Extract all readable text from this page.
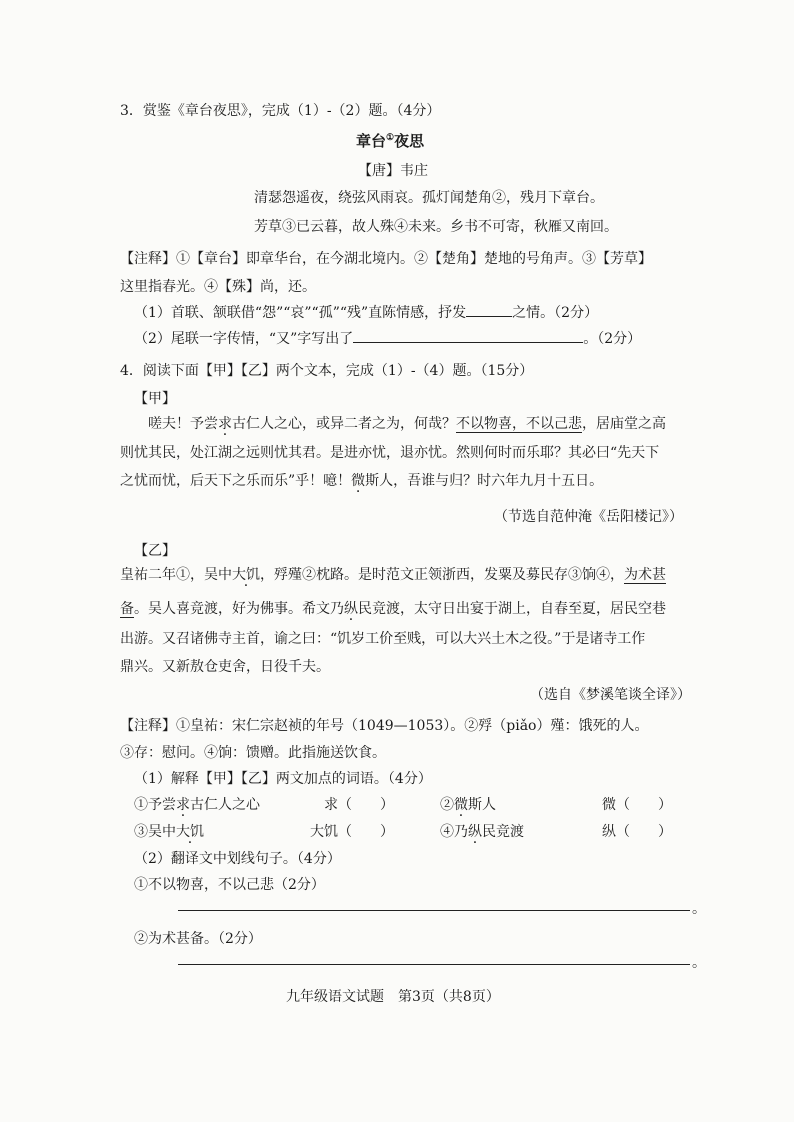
3．赏鉴《章台夜思》，完成（1）-（2）题。（4分）
章台①夜思
【唐】韦庄
清瑟怨遥夜，绕弦风雨哀。孤灯闻楚角②，残月下章台。
芳草③已云暮，故人殊④未来。乡书不可寄，秋雁又南回。
【注释】①【章台】即章华台，在今湖北境内。②【楚角】楚地的号角声。③【芳草】
这里指春光。④【殊】尚，还。
（1）首联、颔联借“怨”“哀”“孤”“残”直陈情感，抒发	之情。（2分）
（2）尾联一字传情，“又”字写出了	。（2分）
4．阅读下面【甲】【乙】两个文本，完成（1）-（4）题。（15分）
【甲】
嗟夫！予尝求古仁人之心，或异二者之为，何哉？不以物喜，不以己悲，居庙堂之高
则忧其民，处江湖之远则忧其君。是进亦忧，退亦忧。然则何时而乐耶？其必曰“先天下
之忧而忧，后天下之乐而乐”乎！噫！微斯人，吾谁与归？时六年九月十五日。
（节选自范仲淹《岳阳楼记》）
【乙】
皇祐二年①，吴中大饥，殍殣②枕路。是时范文正领浙西，发粟及募民存③饷④，为术甚
备。吴人喜竞渡，好为佛事。希文乃纵民竞渡，太守日出宴于湖上，自春至夏，居民空巷
出游。又召诸佛寺主首，谕之曰：“饥岁工价至贱，可以大兴土木之役。”于是诸寺工作
鼎兴。又新敖仓吏舍，日役千夫。
（选自《梦溪笔谈全译》）
【注释】①皇祐：宋仁宗赵祯的年号（1049—1053）。②殍（piǎo）殣：饿死的人。
③存：慰问。④饷：馈赠。此指施送饮食。
（1）解释【甲】【乙】两文加点的词语。（4分）
①予尝求古仁人之心	求（　　）	②微斯人	微（　　）
③吴中大饥	大饥（　　）	④乃纵民竞渡	纵（　　）
（2）翻译文中划线句子。（4分）
①不以物喜，不以己悲（2分）
。
②为术甚备。（2分）
。
九年级语文试题　第3页（共8页）
